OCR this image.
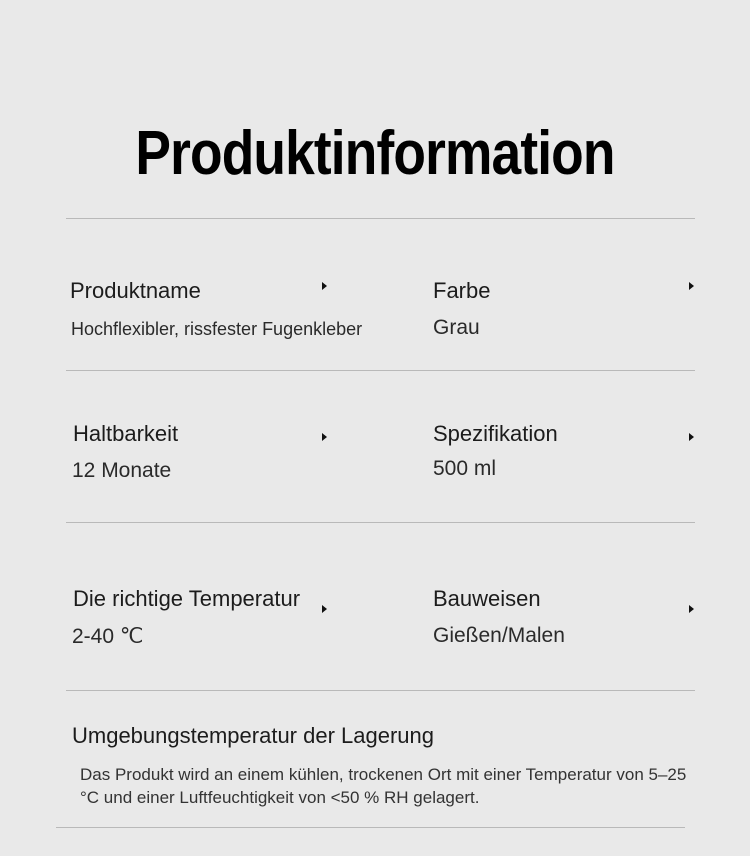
Produktinformation
Produktname
Hochflexibler, rissfester Fugenkleber
Farbe
Grau
Haltbarkeit
12 Monate
Spezifikation
500 ml
Die richtige Temperatur
2-40 ℃
Bauweisen
Gießen/Malen
Umgebungstemperatur der Lagerung
Das Produkt wird an einem kühlen, trockenen Ort mit einer Temperatur von 5–25 °C und einer Luftfeuchtigkeit von <50 % RH gelagert.
